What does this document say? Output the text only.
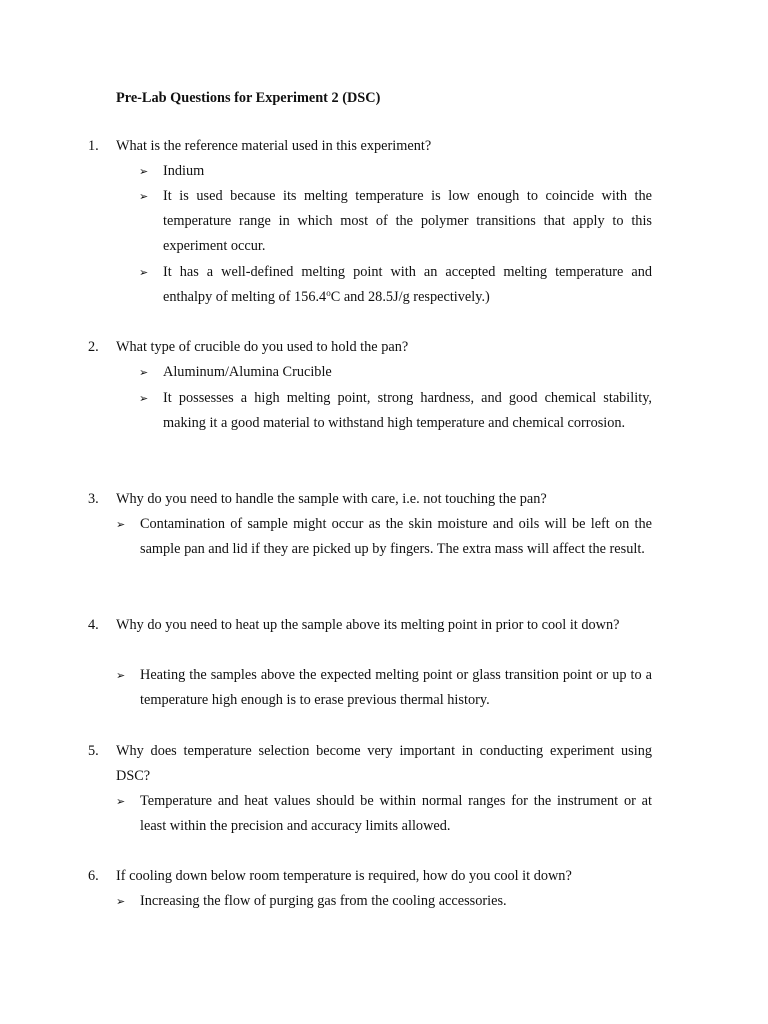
Pre-Lab Questions for Experiment 2 (DSC)
1. What is the reference material used in this experiment?
➢ Indium
➢ It is used because its melting temperature is low enough to coincide with the temperature range in which most of the polymer transitions that apply to this experiment occur.
➢ It has a well-defined melting point with an accepted melting temperature and enthalpy of melting of 156.4$^o$C and 28.5J/g respectively.)
2. What type of crucible do you used to hold the pan?
➢ Aluminum/Alumina Crucible
➢ It possesses a high melting point, strong hardness, and good chemical stability, making it a good material to withstand high temperature and chemical corrosion.
3. Why do you need to handle the sample with care, i.e. not touching the pan?
➢ Contamination of sample might occur as the skin moisture and oils will be left on the sample pan and lid if they are picked up by fingers. The extra mass will affect the result.
4. Why do you need to heat up the sample above its melting point in prior to cool it down?
➢ Heating the samples above the expected melting point or glass transition point or up to a temperature high enough is to erase previous thermal history.
5. Why does temperature selection become very important in conducting experiment using DSC?
➢ Temperature and heat values should be within normal ranges for the instrument or at least within the precision and accuracy limits allowed.
6. If cooling down below room temperature is required, how do you cool it down?
➢ Increasing the flow of purging gas from the cooling accessories.
